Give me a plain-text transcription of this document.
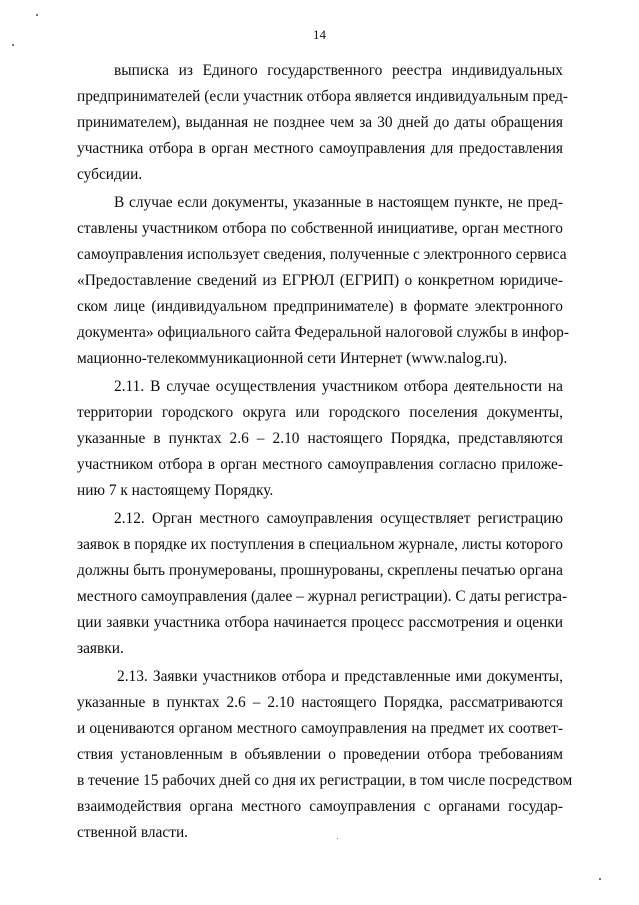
14
выписка из Единого государственного реестра индивидуальных
предпринимателей (если участник отбора является индивидуальным пред-
принимателем), выданная не позднее чем за 30 дней до даты обращения
участника отбора в орган местного самоуправления для предоставления
субсидии.
В случае если документы, указанные в настоящем пункте, не пред-
ставлены участником отбора по собственной инициативе, орган местного
самоуправления использует сведения, полученные с электронного сервиса
«Предоставление сведений из ЕГРЮЛ (ЕГРИП) о конкретном юридиче-
ском лице (индивидуальном предпринимателе) в формате электронного
документа» официального сайта Федеральной налоговой службы в инфор-
мационно-телекоммуникационной сети Интернет (www.nalog.ru).
2.11. В случае осуществления участником отбора деятельности на
территории городского округа или городского поселения документы,
указанные в пунктах 2.6 – 2.10 настоящего Порядка, представляются
участником отбора в орган местного самоуправления согласно приложе-
нию 7 к настоящему Порядку.
2.12. Орган местного самоуправления осуществляет регистрацию
заявок в порядке их поступления в специальном журнале, листы которого
должны быть пронумерованы, прошнурованы, скреплены печатью органа
местного самоуправления (далее – журнал регистрации). С даты регистра-
ции заявки участника отбора начинается процесс рассмотрения и оценки
заявки.
2.13. Заявки участников отбора и представленные ими документы,
указанные в пунктах 2.6 – 2.10 настоящего Порядка, рассматриваются
и оцениваются органом местного самоуправления на предмет их соответ-
ствия установленным в объявлении о проведении отбора требованиям
в течение 15 рабочих дней со дня их регистрации, в том числе посредством
взаимодействия органа местного самоуправления с органами государ-
ственной власти.
